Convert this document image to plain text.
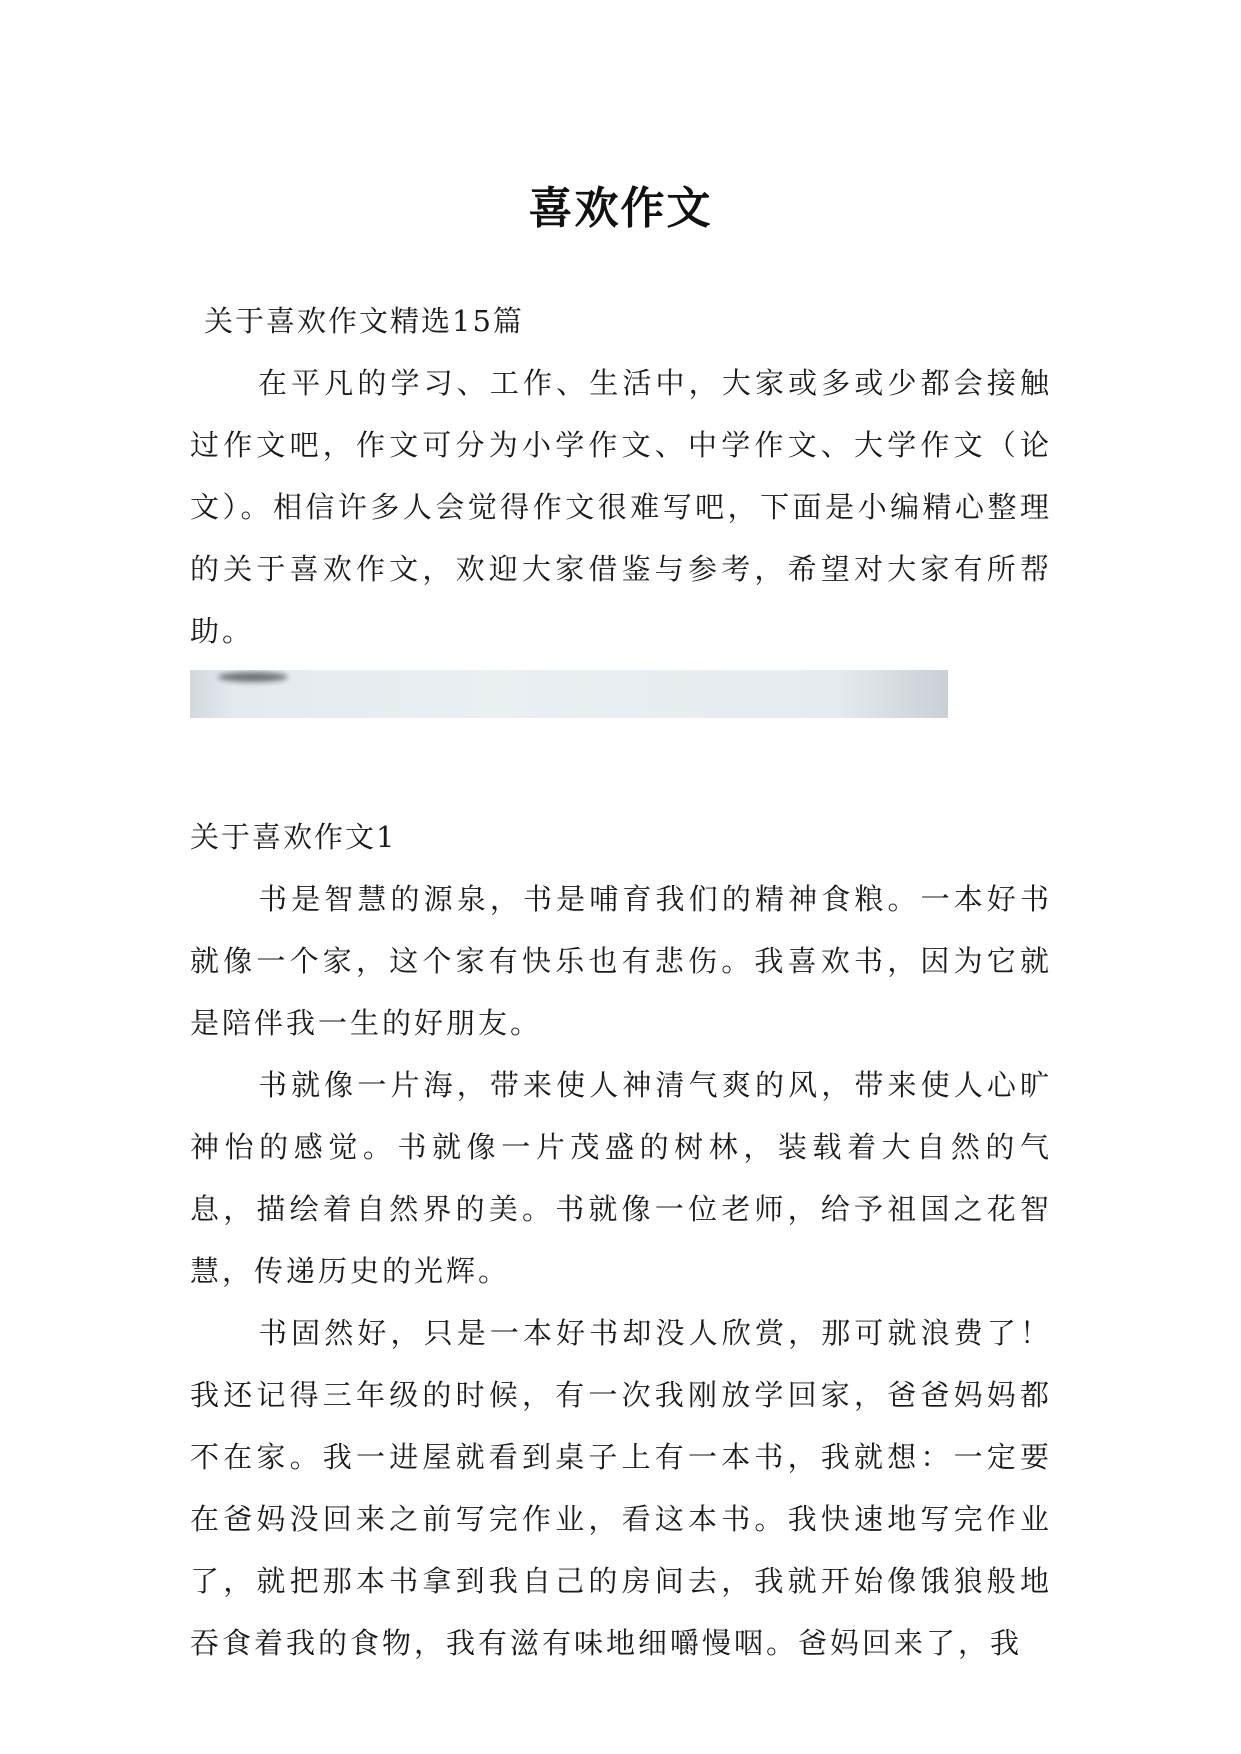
喜欢作文
关于喜欢作文精选15篇

在平凡的学习、工作、生活中，大家或多或少都会接触过作文吧，作文可分为小学作文、中学作文、大学作文（论文）。相信许多人会觉得作文很难写吧，下面是小编精心整理的关于喜欢作文，欢迎大家借鉴与参考，希望对大家有所帮助。

关于喜欢作文1

书是智慧的源泉，书是哺育我们的精神食粮。一本好书就像一个家，这个家有快乐也有悲伤。我喜欢书，因为它就是陪伴我一生的好朋友。

书就像一片海，带来使人神清气爽的风，带来使人心旷神怡的感觉。书就像一片茂盛的树林，装载着大自然的气息，描绘着自然界的美。书就像一位老师，给予祖国之花智慧，传递历史的光辉。

书固然好，只是一本好书却没人欣赏，那可就浪费了！我还记得三年级的时候，有一次我刚放学回家，爸爸妈妈都不在家。我一进屋就看到桌子上有一本书，我就想：一定要在爸妈没回来之前写完作业，看这本书。我快速地写完作业了，就把那本书拿到我自己的房间去，我就开始像饿狼般地吞食着我的食物，我有滋有味地细嚼慢咽。爸妈回来了，我
